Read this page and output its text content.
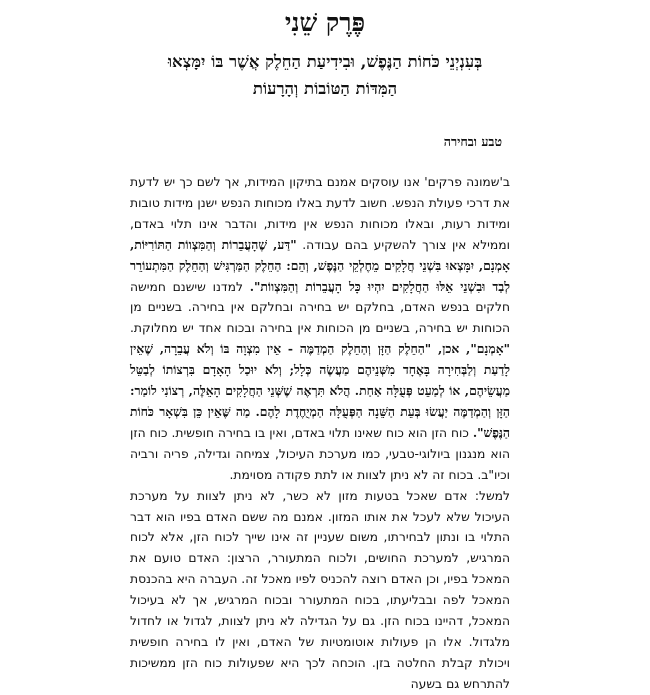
פֶּרֶק שֵׁנִי
בְּעִנְיְנֵי כֹּחוֹת הַנֶּפֶשׁ, וּבִידִיעַת הַחֵלֶק אֲשֶׁר בּוֹ יִמָּצְאוּ הַמִּדּוֹת הַטּוֹבוֹת וְהָרָעוֹת
טבע ובחירה

ב'שמונה פרקים' אנו עוסקים אמנם בתיקון המידות, אך לשם כך יש לדעת את דרכי פעולת הנפש. חשוב לדעת באלו מכוחות הנפש ישנן מידות טובות ומידות רעות, ובאלו מכוחות הנפש אין מידות, והדבר אינו תלוי באדם, וממילא אין צורך להשקיע בהם עבודה. "דַּע, שֶׁהָעֲבֵרוֹת וְהַמִּצְווֹת הַתּוֹרִיּוֹת, אָמְנָם, יִמָּצְאוּ בִּשְׁנֵי חֲלָקִים מֵחֶלְקֵי הַנֶּפֶשׁ, וְהֵם: הַחֵלֶק הַמַּרְגִּישׁ וְהַחֵלֶק הַמִּתְעוֹרֵר לְבַד וּבִשְׁנֵי אֵלּוּ הַחֲלָקִים יִהְיוּ כָּל הָעֲבֵרוֹת וְהַמִּצְווֹת". למדנו שישנם חמישה חלקים בנפש האדם, בחלקם יש בחירה ובחלקם אין בחירה. בשניים מן הכוחות יש בחירה, בשניים מן הכוחות אין בחירה ובכוח אחד יש מחלוקת. "אָמְנָם", אכן, "הַחֵלֶק הַזָּן וְהַחֵלֶק הַמְדַמֶּה - אֵין מִצְוָה בּוֹ וְלֹא עֲבֵרָה, שֶׁאֵין לָדַעַת וְלַבְּחִירָה בָּאֶחָד מִשְּׁנֵיהֶם מַעֲשֶׂה כְּלָל; וְלֹא יוּכַל הָאָדָם בִּרְצוֹתוֹ לְבַטֵּל מַעֲשֵׂיהֶם, אוֹ לְמַעֵט פְּעֻלָּה אַחַת. הֲלֹא תִּרְאֶה שֶׁשְּׁנֵי הַחֲלָקִים הָאֵלֶּה, רְצוֹנִי לוֹמַר: הַזָּן וְהַמְדַמֶּה יַעֲשׂוּ בְּעֵת הַשֵּׁנָה הַפְּעֻלָּה הַמְיֻחֶדֶת לָהֶם. מַה שֶּׁאֵין כֵּן בִּשְׁאָר כֹּחוֹת הַנֶּפֶשׁ". כוח הזן הוא כוח שאינו תלוי באדם, ואין בו בחירה חופשית. כוח הזן הוא מנגנון ביולוגי-טבעי, כמו מערכת העיכול, צמיחה וגדילה, פריה ורביה וכיו"ב. בכוח זה לא ניתן לצוות או לתת פקודה מסוימת.

למשל: אדם שאכל בטעות מזון לא כשר, לא ניתן לצוות על מערכת העיכול שלא לעכל את אותו המזון. אמנם מה ששם האדם בפיו הוא דבר התלוי בו ונתון לבחירתו, משום שעניין זה אינו שייך לכוח הזן, אלא לכוח המרגיש, למערכת החושים, ולכוח המתעורר, הרצון: האדם טועם את המאכל בפיו, וכן האדם רוצה להכניס לפיו מאכל זה. העברה היא בהכנסת המאכל לפה ובבליעתו, בכוח המתעורר ובכוח המרגיש, אך לא בעיכול המאכל, דהיינו בכוח הזן. גם על הגדילה לא ניתן לצוות, לגדול או לחדול מלגדול. אלו הן פעולות אוטומטיות של האדם, ואין לו בחירה חופשית ויכולת קבלת החלטה בזן. הוכחה לכך היא שפעולות כוח הזן ממשיכות להתרחש גם בשעה
